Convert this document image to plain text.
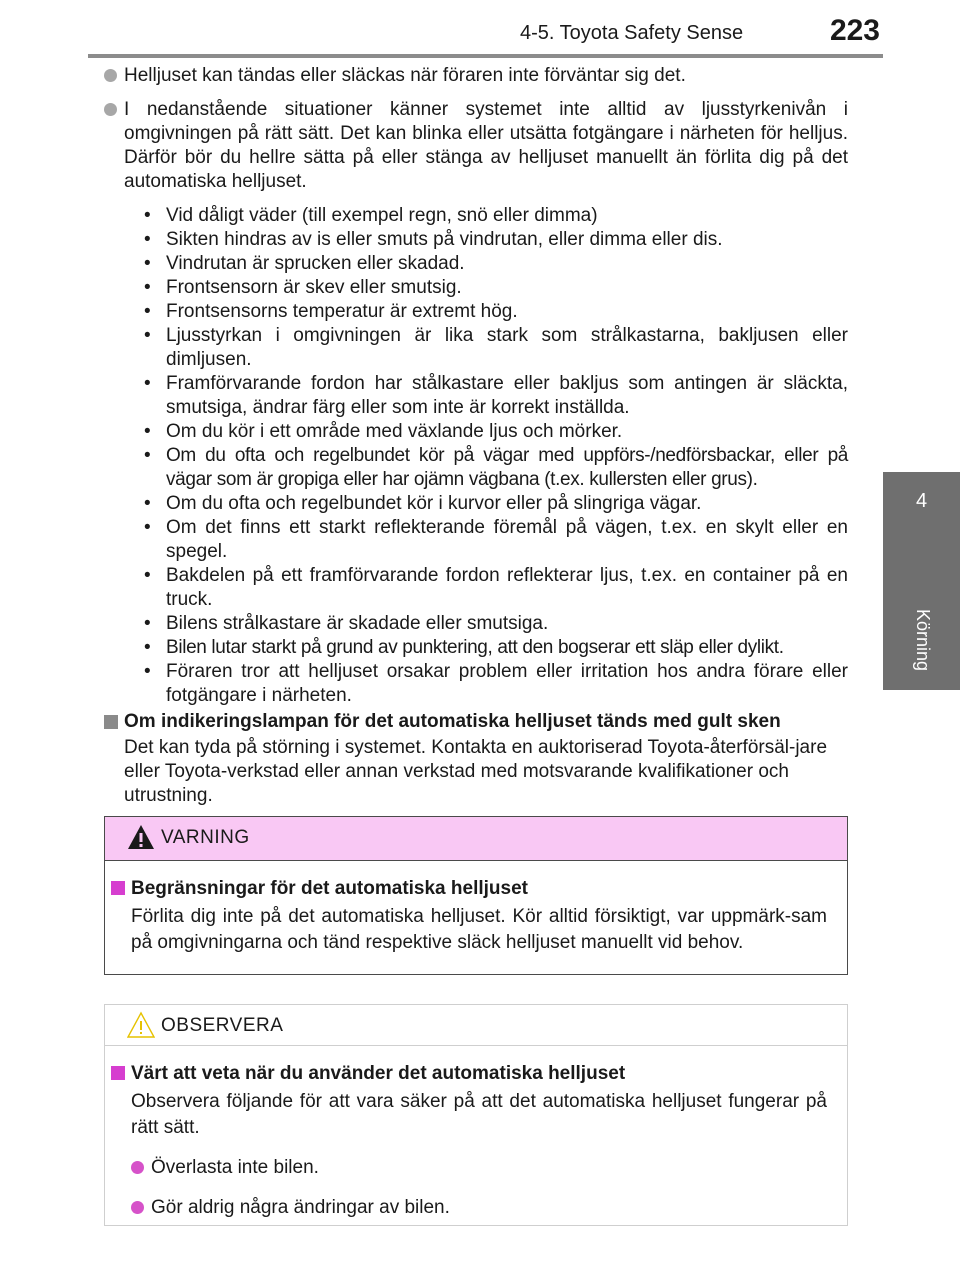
4-5. Toyota Safety Sense	223
4
Körning
Helljuset kan tändas eller släckas när föraren inte förväntar sig det.
I nedanstående situationer känner systemet inte alltid av ljusstyrkenivån i omgivningen på rätt sätt. Det kan blinka eller utsätta fotgängare i närheten för helljus. Därför bör du hellre sätta på eller stänga av helljuset manuellt än förlita dig på det automatiska helljuset.
• Vid dåligt väder (till exempel regn, snö eller dimma)
• Sikten hindras av is eller smuts på vindrutan, eller dimma eller dis.
• Vindrutan är sprucken eller skadad.
• Frontsensorn är skev eller smutsig.
• Frontsensorns temperatur är extremt hög.
• Ljusstyrkan i omgivningen är lika stark som strålkastarna, bakljusen eller dimljusen.
• Framförvarande fordon har stålkastare eller bakljus som antingen är släckta, smutsiga, ändrar färg eller som inte är korrekt inställda.
• Om du kör i ett område med växlande ljus och mörker.
• Om du ofta och regelbundet kör på vägar med uppförs-/nedförsbackar, eller på vägar som är gropiga eller har ojämn vägbana (t.ex. kullersten eller grus).
• Om du ofta och regelbundet kör i kurvor eller på slingriga vägar.
• Om det finns ett starkt reflekterande föremål på vägen, t.ex. en skylt eller en spegel.
• Bakdelen på ett framförvarande fordon reflekterar ljus, t.ex. en container på en truck.
• Bilens strålkastare är skadade eller smutsiga.
• Bilen lutar starkt på grund av punktering, att den bogserar ett släp eller dylikt.
• Föraren tror att helljuset orsakar problem eller irritation hos andra förare eller fotgängare i närheten.
Om indikeringslampan för det automatiska helljuset tänds med gult sken
Det kan tyda på störning i systemet. Kontakta en auktoriserad Toyota-återförsäl-jare eller Toyota-verkstad eller annan verkstad med motsvarande kvalifikationer och utrustning.
VARNING
Begränsningar för det automatiska helljuset
Förlita dig inte på det automatiska helljuset. Kör alltid försiktigt, var uppmärk-sam på omgivningarna och tänd respektive släck helljuset manuellt vid behov.
OBSERVERA
Värt att veta när du använder det automatiska helljuset
Observera följande för att vara säker på att det automatiska helljuset fungerar på rätt sätt.
Överlasta inte bilen.
Gör aldrig några ändringar av bilen.
